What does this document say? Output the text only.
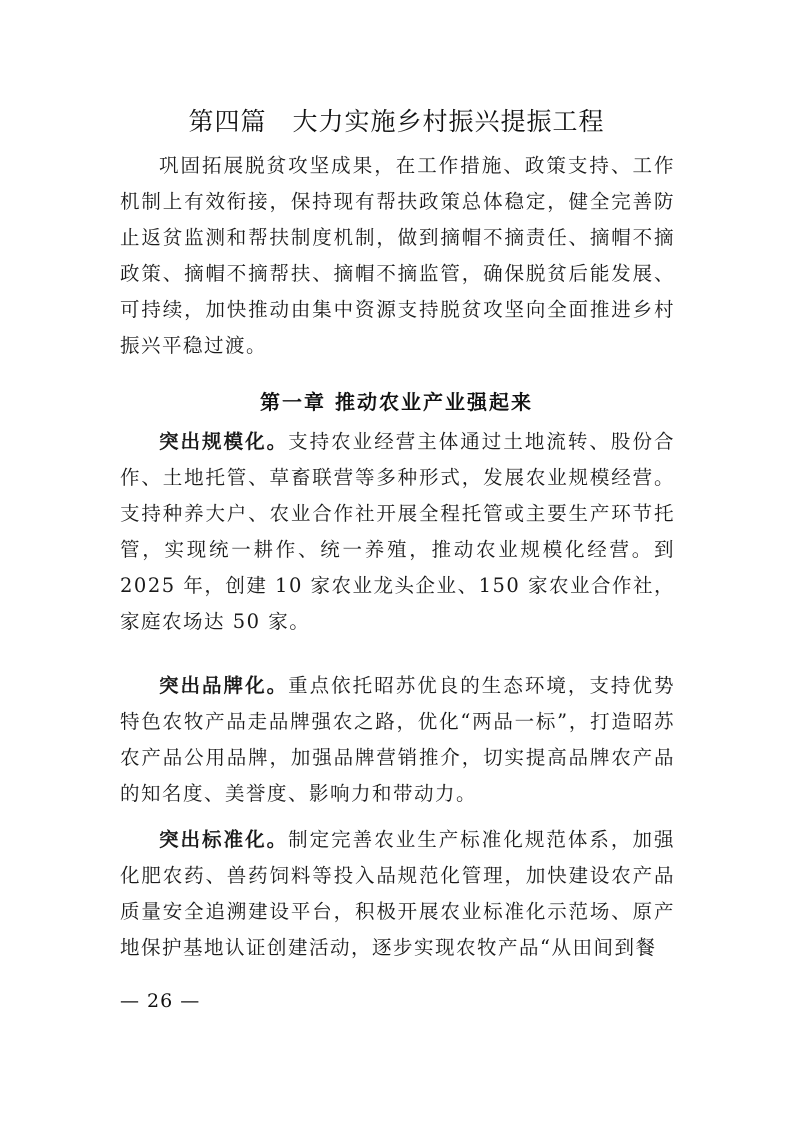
第四篇　大力实施乡村振兴提振工程
巩固拓展脱贫攻坚成果，在工作措施、政策支持、工作机制上有效衔接，保持现有帮扶政策总体稳定，健全完善防止返贫监测和帮扶制度机制，做到摘帽不摘责任、摘帽不摘政策、摘帽不摘帮扶、摘帽不摘监管，确保脱贫后能发展、可持续，加快推动由集中资源支持脱贫攻坚向全面推进乡村振兴平稳过渡。
第一章 推动农业产业强起来
突出规模化。支持农业经营主体通过土地流转、股份合作、土地托管、草畜联营等多种形式，发展农业规模经营。支持种养大户、农业合作社开展全程托管或主要生产环节托管，实现统一耕作、统一养殖，推动农业规模化经营。到 2025 年，创建 10 家农业龙头企业、150 家农业合作社，家庭农场达 50 家。
突出品牌化。重点依托昭苏优良的生态环境，支持优势特色农牧产品走品牌强农之路，优化“两品一标”，打造昭苏农产品公用品牌，加强品牌营销推介，切实提高品牌农产品的知名度、美誉度、影响力和带动力。
突出标准化。制定完善农业生产标准化规范体系，加强化肥农药、兽药饲料等投入品规范化管理，加快建设农产品质量安全追溯建设平台，积极开展农业标准化示范场、原产地保护基地认证创建活动，逐步实现农牧产品“从田间到餐
— 26 —
